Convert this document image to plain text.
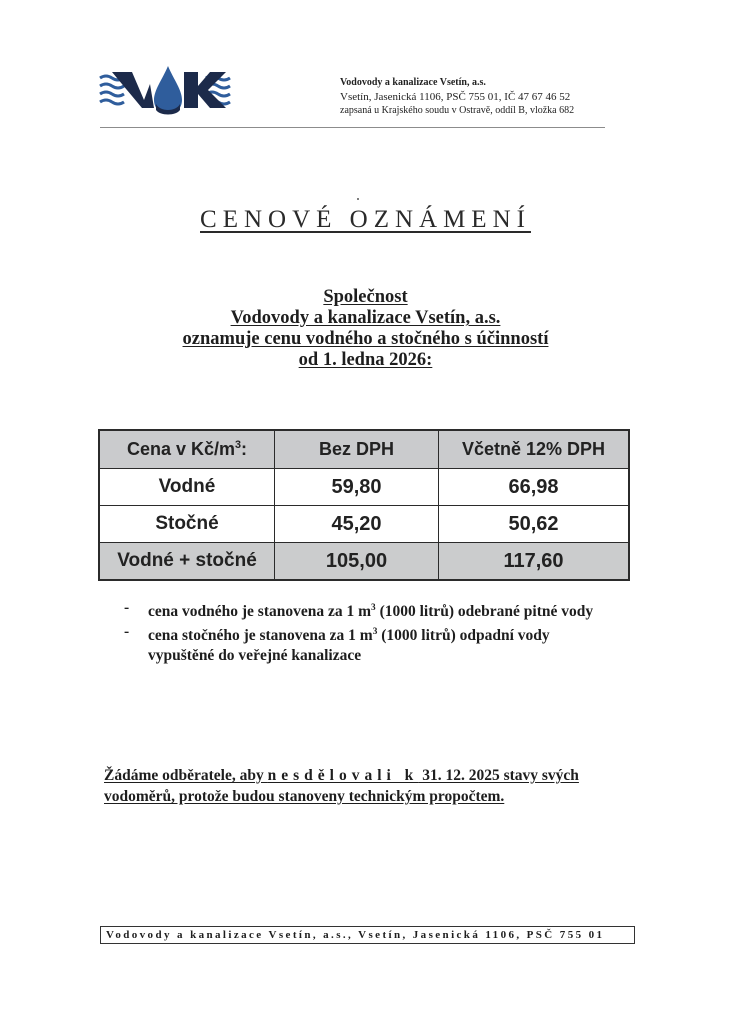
Vodovody a kanalizace Vsetín, a.s.
Vsetín, Jasenická 1106, PSČ 755 01, IČ 47 67 46 52
zapsaná u Krajského soudu v Ostravě, oddíl B, vložka 682
CENOVÉ OZNÁMENÍ
Společnost
Vodovody a kanalizace Vsetín, a.s.
oznamuje cenu vodného a stočného s účinností
od 1. ledna 2026:
Cena v $Kč/m^3$:	Bez DPH	Včetně 12% DPH
Vodné	59,80	66,98
Stočné	45,20	50,62
Vodné + stočné	105,00	117,60
- cena vodného je stanovena za 1 $m^3$ (1000 litrů) odebrané pitné vody
- cena stočného je stanovena za 1 $m^3$ (1000 litrů) odpadní vody vypuštěné do veřejné kanalizace
Žádáme odběratele, aby nesdělovali k 31. 12. 2025 stavy svých
vodoměrů, protože budou stanoveny technickým propočtem.
Vodovody a kanalizace Vsetín, a.s., Vsetín, Jasenická 1106, PSČ 755 01
